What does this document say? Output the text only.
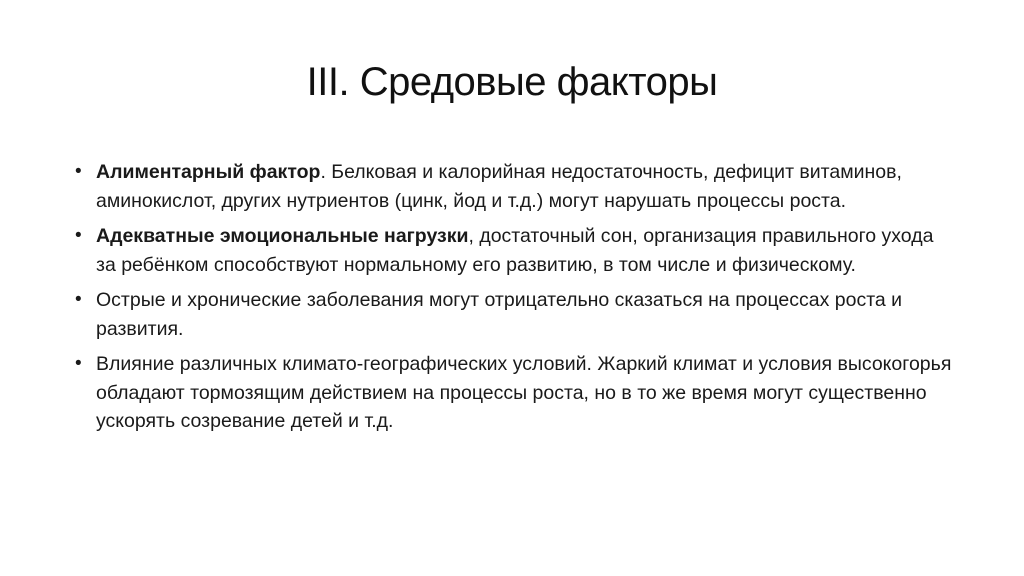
III. Средовые факторы
• Алиментарный фактор. Белковая и калорийная недостаточность, дефицит витаминов, аминокислот, других нутриентов (цинк, йод и т.д.) могут нарушать процессы роста.
• Адекватные эмоциональные нагрузки, достаточный сон, организация правильного ухода за ребёнком способствуют нормальному его развитию, в том числе и физическому.
• Острые и хронические заболевания могут отрицательно сказаться на процессах роста и развития.
• Влияние различных климато-географических условий. Жаркий климат и условия высокогорья обладают тормозящим действием на процессы роста, но в то же время могут существенно ускорять созревание детей и т.д.
